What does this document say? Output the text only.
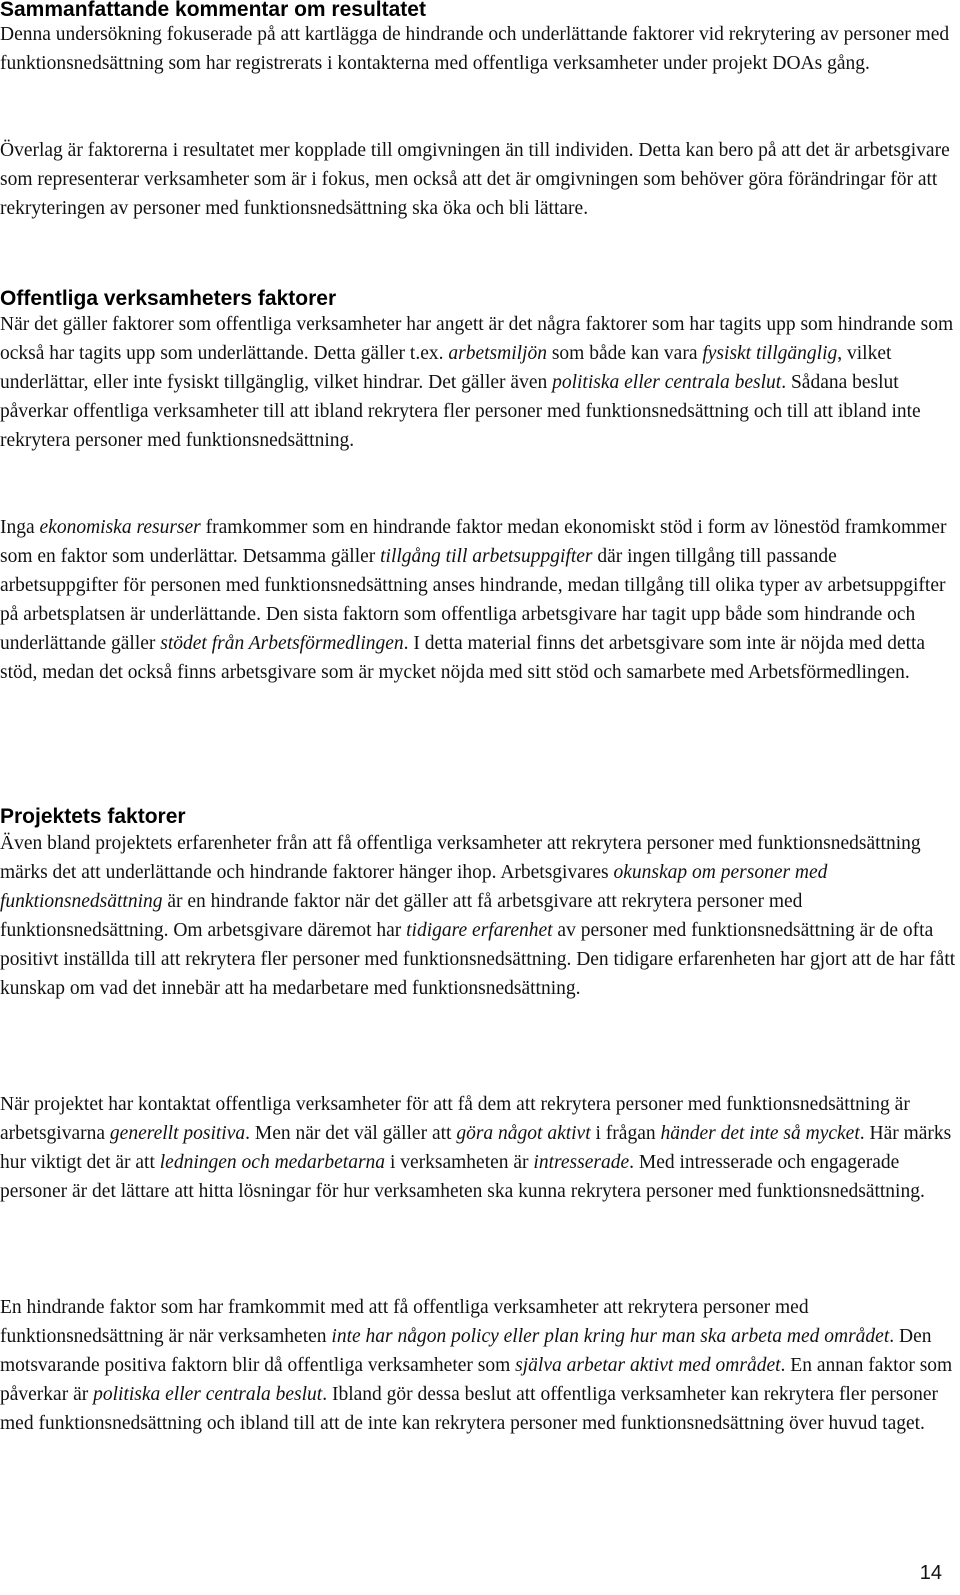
Sammanfattande kommentar om resultatet

Denna undersökning fokuserade på att kartlägga de hindrande och underlättande faktorer vid rekrytering av personer med funktionsnedsättning som har registrerats i kontakterna med offentliga verksamheter under projekt DOAs gång.

Överlag är faktorerna i resultatet mer kopplade till omgivningen än till individen. Detta kan bero på att det är arbetsgivare som representerar verksamheter som är i fokus, men också att det är omgivningen som behöver göra förändringar för att rekryteringen av personer med funktionsnedsättning ska öka och bli lättare.

Offentliga verksamheters faktorer

När det gäller faktorer som offentliga verksamheter har angett är det några faktorer som har tagits upp som hindrande som också har tagits upp som underlättande. Detta gäller t.ex. arbetsmiljön som både kan vara fysiskt tillgänglig, vilket underlättar, eller inte fysiskt tillgänglig, vilket hindrar. Det gäller även politiska eller centrala beslut. Sådana beslut påverkar offentliga verksamheter till att ibland rekrytera fler personer med funktionsnedsättning och till att ibland inte rekrytera personer med funktionsnedsättning.

Inga ekonomiska resurser framkommer som en hindrande faktor medan ekonomiskt stöd i form av lönestöd framkommer som en faktor som underlättar. Detsamma gäller tillgång till arbetsuppgifter där ingen tillgång till passande arbetsuppgifter för personen med funktionsnedsättning anses hindrande, medan tillgång till olika typer av arbetsuppgifter på arbetsplatsen är underlättande. Den sista faktorn som offentliga arbetsgivare har tagit upp både som hindrande och underlättande gäller stödet från Arbetsförmedlingen. I detta material finns det arbetsgivare som inte är nöjda med detta stöd, medan det också finns arbetsgivare som är mycket nöjda med sitt stöd och samarbete med Arbetsförmedlingen.

Projektets faktorer

Även bland projektets erfarenheter från att få offentliga verksamheter att rekrytera personer med funktionsnedsättning märks det att underlättande och hindrande faktorer hänger ihop. Arbetsgivares okunskap om personer med funktionsnedsättning är en hindrande faktor när det gäller att få arbetsgivare att rekrytera personer med funktionsnedsättning. Om arbetsgivare däremot har tidigare erfarenhet av personer med funktionsnedsättning är de ofta positivt inställda till att rekrytera fler personer med funktionsnedsättning. Den tidigare erfarenheten har gjort att de har fått kunskap om vad det innebär att ha medarbetare med funktionsnedsättning.

När projektet har kontaktat offentliga verksamheter för att få dem att rekrytera personer med funktionsnedsättning är arbetsgivarna generellt positiva. Men när det väl gäller att göra något aktivt i frågan händer det inte så mycket. Här märks hur viktigt det är att ledningen och medarbetarna i verksamheten är intresserade. Med intresserade och engagerade personer är det lättare att hitta lösningar för hur verksamheten ska kunna rekrytera personer med funktionsnedsättning.

En hindrande faktor som har framkommit med att få offentliga verksamheter att rekrytera personer med funktionsnedsättning är när verksamheten inte har någon policy eller plan kring hur man ska arbeta med området. Den motsvarande positiva faktorn blir då offentliga verksamheter som själva arbetar aktivt med området. En annan faktor som påverkar är politiska eller centrala beslut. Ibland gör dessa beslut att offentliga verksamheter kan rekrytera fler personer med funktionsnedsättning och ibland till att de inte kan rekrytera personer med funktionsnedsättning över huvud taget.

14
